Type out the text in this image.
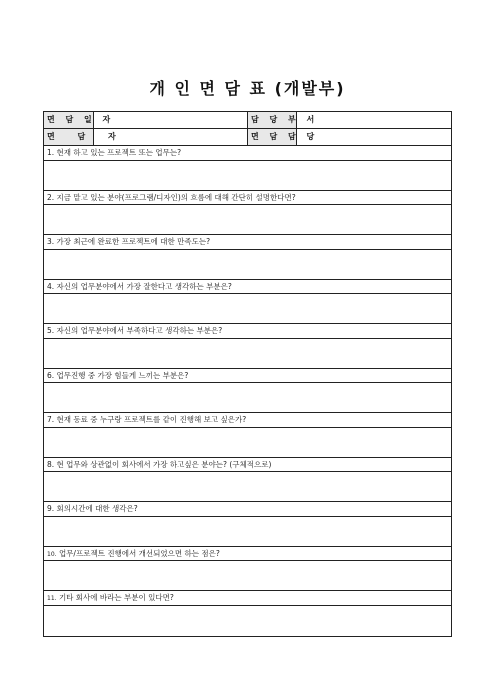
개 인 면 담 표 (개발부)
면 담 일 자	담 당 부 서
면 담 자	면 담 담 당
1. 현재 하고 있는 프로젝트 또는 업무는?
2. 지금 맡고 있는 분야(프로그램/디자인)의 흐름에 대해 간단히 설명한다면?
3. 가장 최근에 완료한 프로젝트에 대한 만족도는?
4. 자신의 업무분야에서 가장 잘한다고 생각하는 부분은?
5. 자신의 업무분야에서 부족하다고 생각하는 부분은?
6. 업무진행 중 가장 힘들게 느끼는 부분은?
7. 현재 동료 중 누구랑 프로젝트를 같이 진행해 보고 싶은가?
8. 현 업무와 상관없이 회사에서 가장 하고싶은 분야는? (구체적으로)
9. 회의시간에 대한 생각은?
10. 업무/프로젝트 진행에서 개선되었으면 하는 점은?
11. 기타 회사에 바라는 부분이 있다면?
